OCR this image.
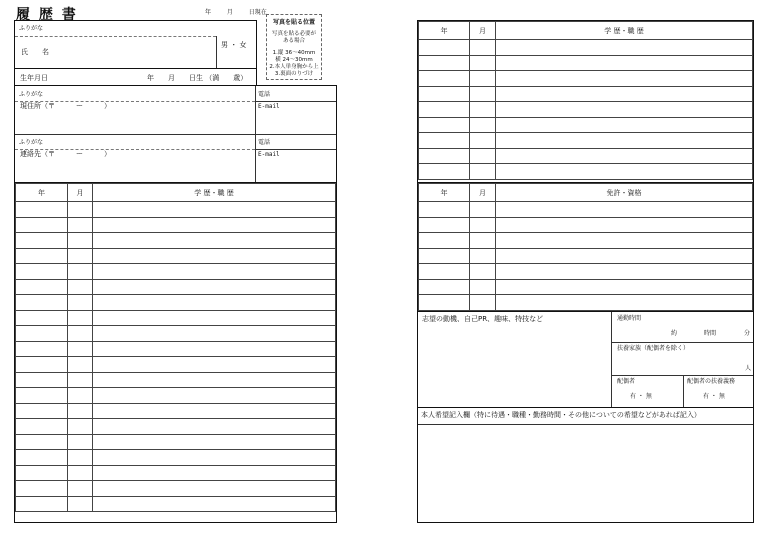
履 歴 書	年	月	日現在
写真を貼る位置
写真を貼る必要がある場合
1.縦 36〜40mm
横 24〜30mm
2.本人単身胸から上
3.裏面のりづけ
ふりがな
氏　　名
男 ・ 女
生年月日	年　　月　　日生 （満　　歳）
ふりがな
現住所（〒　　　ー　　　）
電話
E-mail
ふりがな
連絡先（〒　　　ー　　　）
電話
E-mail
年	月	学 歴・職 歴

年	月	学 歴・職 歴

年	月	免許・資格

志望の動機、自己PR、趣味、特技など	通勤時間
約	時間	分
扶養家族（配偶者を除く）
人
配偶者
有 ・ 無
配偶者の扶養義務
有 ・ 無
本人希望記入欄（特に待遇・職種・勤務時間・その他についての希望などがあれば記入）
